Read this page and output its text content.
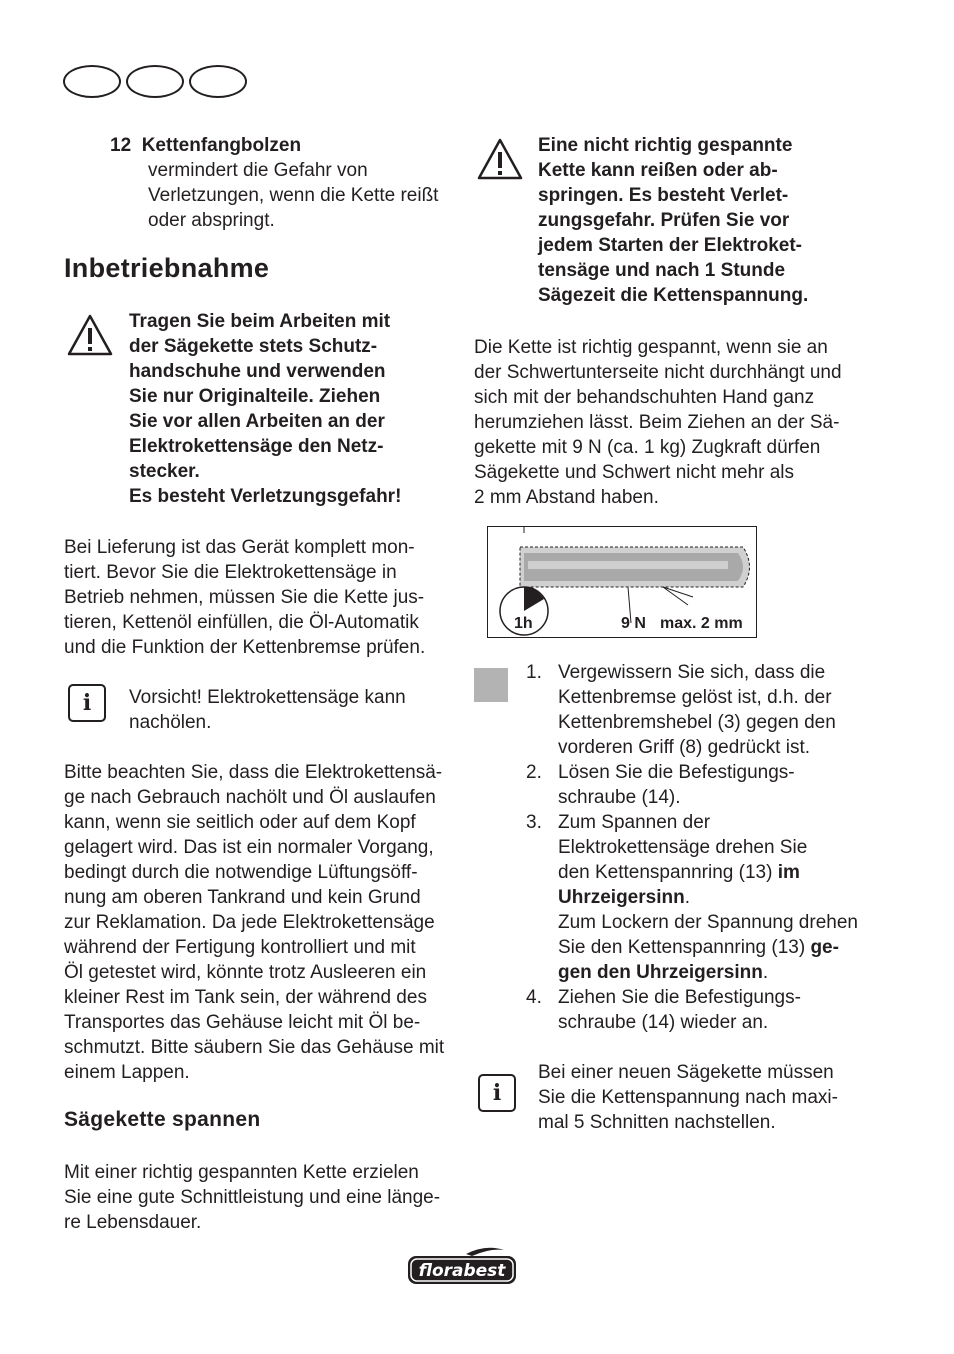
12 Kettenfangbolzen
vermindert die Gefahr von
Verletzungen, wenn die Kette reißt
oder abspringt.
Inbetriebnahme
Tragen Sie beim Arbeiten mit
der Sägekette stets Schutz-
handschuhe und verwenden
Sie nur Originalteile. Ziehen
Sie vor allen Arbeiten an der
Elektrokettensäge den Netz-
stecker.
Es besteht Verletzungsgefahr!
Bei Lieferung ist das Gerät komplett mon-
tiert. Bevor Sie die Elektrokettensäge in
Betrieb nehmen, müssen Sie die Kette jus-
tieren, Kettenöl einfüllen, die Öl-Automatik
und die Funktion der Kettenbremse prüfen.
i	Vorsicht! Elektrokettensäge kann
nachölen.
Bitte beachten Sie, dass die Elektrokettensä-
ge nach Gebrauch nachölt und Öl auslaufen
kann, wenn sie seitlich oder auf dem Kopf
gelagert wird. Das ist ein normaler Vorgang,
bedingt durch die notwendige Lüftungsöff-
nung am oberen Tankrand und kein Grund
zur Reklamation. Da jede Elektrokettensäge
während der Fertigung kontrolliert und mit
Öl getestet wird, könnte trotz Ausleeren ein
kleiner Rest im Tank sein, der während des
Transportes das Gehäuse leicht mit Öl be-
schmutzt. Bitte säubern Sie das Gehäuse mit
einem Lappen.
Sägekette spannen
Mit einer richtig gespannten Kette erzielen
Sie eine gute Schnittleistung und eine länge-
re Lebensdauer.
Eine nicht richtig gespannte
Kette kann reißen oder ab-
springen. Es besteht Verlet-
zungsgefahr. Prüfen Sie vor
jedem Starten der Elektroket-
tensäge und nach 1 Stunde
Sägezeit die Kettenspannung.
Die Kette ist richtig gespannt, wenn sie an
der Schwertunterseite nicht durchhängt und
sich mit der behandschuhten Hand ganz
herumziehen lässt. Beim Ziehen an der Sä-
gekette mit 9 N (ca. 1 kg) Zugkraft dürfen
Sägekette und Schwert nicht mehr als
2 mm Abstand haben.
1h	9 N max. 2 mm
1. Vergewissern Sie sich, dass die
Kettenbremse gelöst ist, d.h. der
Kettenbremshebel (3) gegen den
vorderen Griff (8) gedrückt ist.
2. Lösen Sie die Befestigungs-
schraube (14).
3. Zum Spannen der
Elektrokettensäge drehen Sie
den Kettenspannring (13) im
Uhrzeigersinn.
Zum Lockern der Spannung drehen
Sie den Kettenspannring (13) ge-
gen den Uhrzeigersinn.
4. Ziehen Sie die Befestigungs-
schraube (14) wieder an.
i
Bei einer neuen Sägekette müssen
Sie die Kettenspannung nach maxi-
mal 5 Schnitten nachstellen.
florabest
